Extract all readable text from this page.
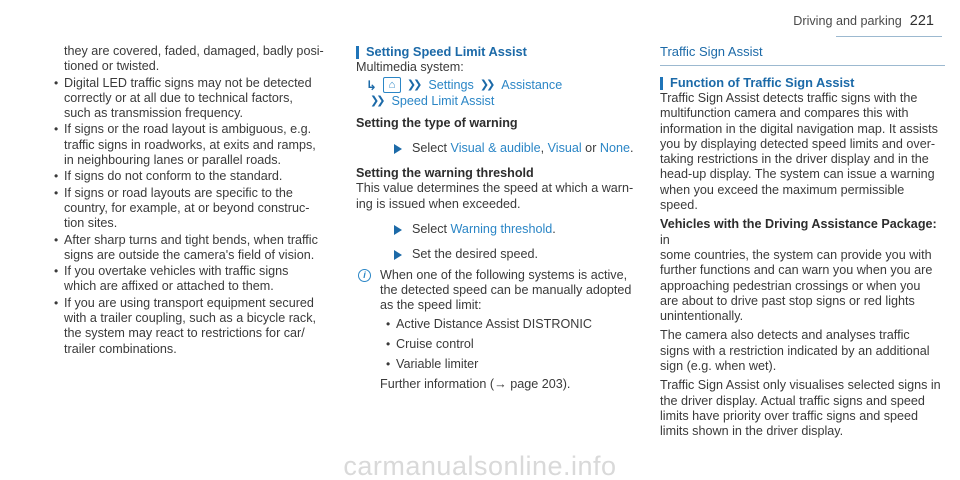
Driving and parking 221

they are covered, faded, damaged, badly posi-
tioned or twisted.

• Digital LED traffic signs may not be detected
correctly or at all due to technical factors,
such as transmission frequency.
• If signs or the road layout is ambiguous, e.g.
traffic signs in roadworks, at exits and ramps,
in neighbouring lanes or parallel roads.
• If signs do not conform to the standard.
• If signs or road layouts are specific to the
country, for example, at or beyond construc-
tion sites.
• After sharp turns and tight bends, when traffic
signs are outside the camera's field of vision.
• If you overtake vehicles with traffic signs
which are affixed or attached to them.
• If you are using transport equipment secured
with a trailer coupling, such as a bicycle rack,
the system may react to restrictions for car/
trailer combinations.
Setting Speed Limit Assist

Multimedia system:

↳	⌂	❯❯ Settings ❯❯ Assistance
❯❯ Speed Limit Assist

Setting the type of warning

Select Visual & audible, Visual or None.

Setting the warning threshold

This value determines the speed at which a warn-
ing is issued when exceeded.

Select Warning threshold.

Set the desired speed.

i	When one of the following systems is active,
the detected speed can be manually adopted
as the speed limit:

• Active Distance Assist DISTRONIC
• Cruise control
• Variable limiter

Further information (→ page 203).

Traffic Sign Assist
Function of Traffic Sign Assist

Traffic Sign Assist detects traffic signs with the
multifunction camera and compares this with
information in the digital navigation map. It assists
you by displaying detected speed limits and over-
taking restrictions in the driver display and in the
head-up display. The system can issue a warning
when you exceed the maximum permissible
speed.

Vehicles with the Driving Assistance Package: in
some countries, the system can provide you with
further functions and can warn you when you are
approaching pedestrian crossings or when you
are about to drive past stop signs or red lights
unintentionally.

The camera also detects and analyses traffic
signs with a restriction indicated by an additional
sign (e.g. when wet).

Traffic Sign Assist only visualises selected signs in
the driver display. Actual traffic signs and speed
limits have priority over traffic signs and speed
limits shown in the driver display.

carmanualsonline.info
